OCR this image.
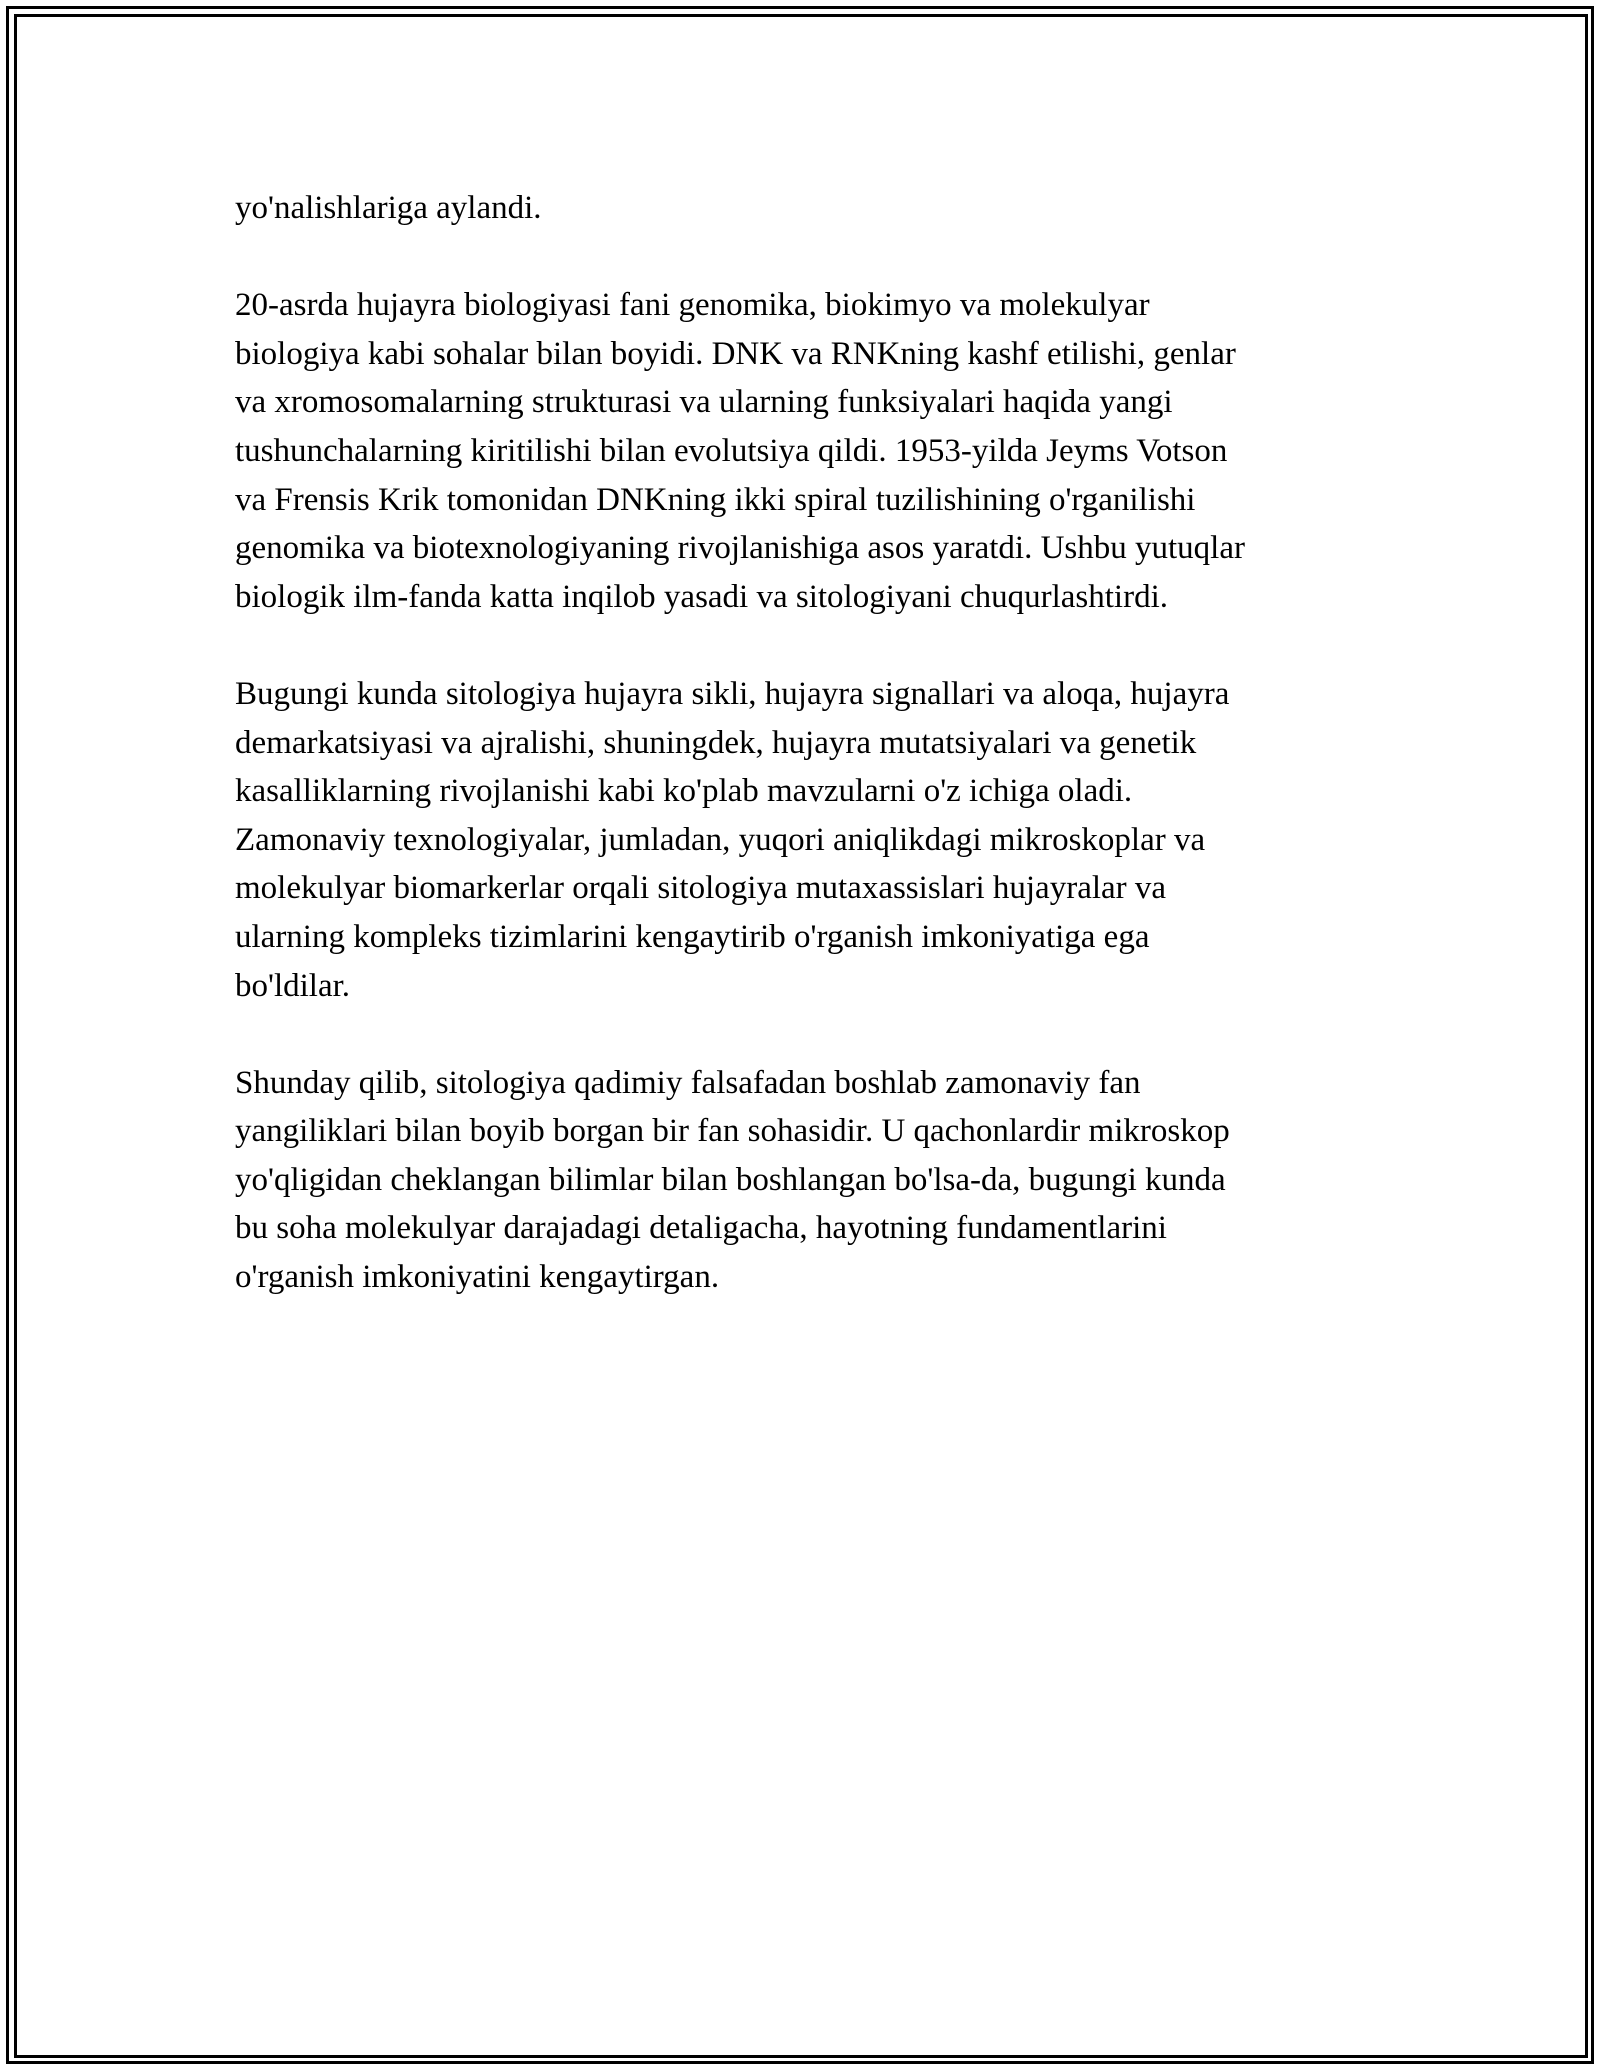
yo'nalishlariga aylandi.

20-asrda hujayra biologiyasi fani genomika, biokimyo va molekulyar
biologiya kabi sohalar bilan boyidi. DNK va RNKning kashf etilishi, genlar
va xromosomalarning strukturasi va ularning funksiyalari haqida yangi
tushunchalarning kiritilishi bilan evolutsiya qildi. 1953-yilda Jeyms Votson
va Frensis Krik tomonidan DNKning ikki spiral tuzilishining o'rganilishi
genomika va biotexnologiyaning rivojlanishiga asos yaratdi. Ushbu yutuqlar
biologik ilm-fanda katta inqilob yasadi va sitologiyani chuqurlashtirdi.

Bugungi kunda sitologiya hujayra sikli, hujayra signallari va aloqa, hujayra
demarkatsiyasi va ajralishi, shuningdek, hujayra mutatsiyalari va genetik
kasalliklarning rivojlanishi kabi ko'plab mavzularni o'z ichiga oladi.
Zamonaviy texnologiyalar, jumladan, yuqori aniqlikdagi mikroskoplar va
molekulyar biomarkerlar orqali sitologiya mutaxassislari hujayralar va
ularning kompleks tizimlarini kengaytirib o'rganish imkoniyatiga ega
bo'ldilar.

Shunday qilib, sitologiya qadimiy falsafadan boshlab zamonaviy fan
yangiliklari bilan boyib borgan bir fan sohasidir. U qachonlardir mikroskop
yo'qligidan cheklangan bilimlar bilan boshlangan bo'lsa-da, bugungi kunda
bu soha molekulyar darajadagi detaligacha, hayotning fundamentlarini
o'rganish imkoniyatini kengaytirgan.
